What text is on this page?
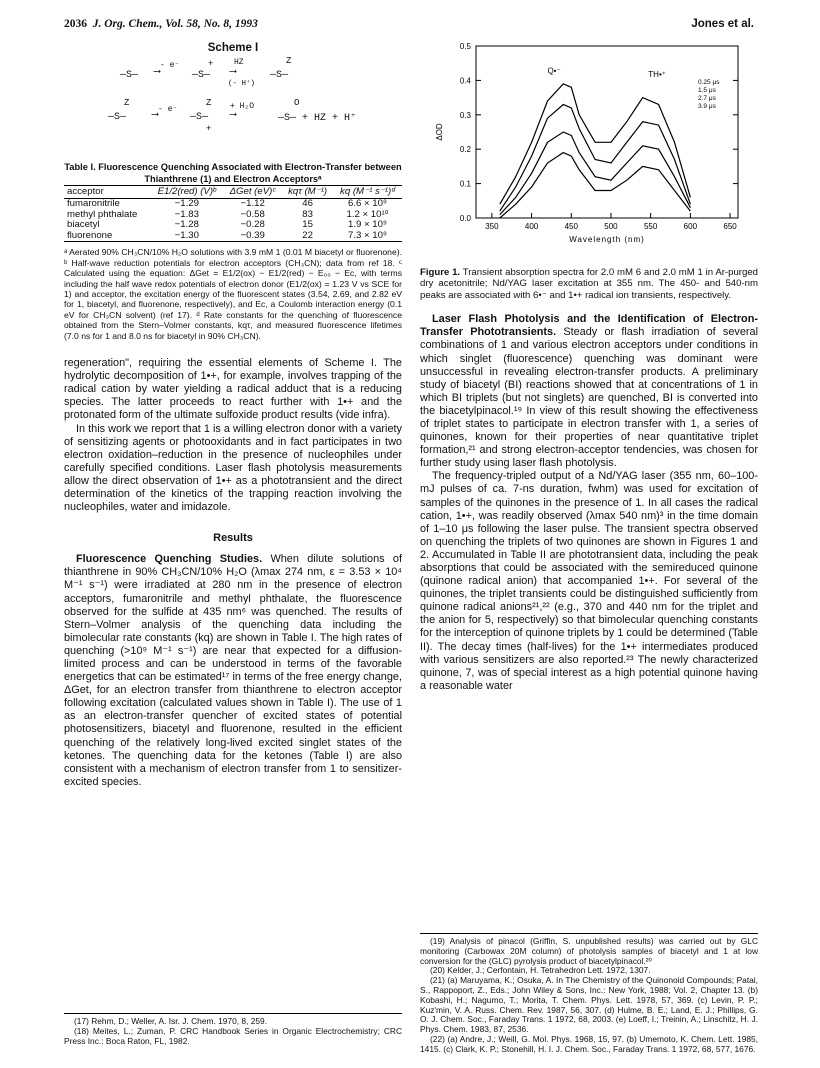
2036 J. Org. Chem., Vol. 58, No. 8, 1993	Jones et al.
Scheme I
—S—
- e⁻
⟶
+
—S—
HZ
⟶
(- H⁺)
Z
—S—
Z
—S—
- e⁻
⟶
Z
—S—
+
+ H₂O
⟶
O
—S— + HZ + H⁺
Table I. Fluorescence Quenching Associated with Electron-Transfer between Thianthrene (1) and Electron Acceptorsᵃ
acceptor	E1/2(red) (V)ᵇ	ΔGet (eV)ᶜ	kqτ (M⁻¹)	kq (M⁻¹ s⁻¹)ᵈ
fumaronitrile	−1.29	−1.12	46	6.6 × 10⁹
methyl phthalate	−1.83	−0.58	83	1.2 × 10¹⁰
biacetyl	−1.28	−0.28	15	1.9 × 10⁹
fluorenone	−1.30	−0.39	22	7.3 × 10⁹
ᵃ Aerated 90% CH₃CN/10% H₂O solutions with 3.9 mM 1 (0.01 M biacetyl or fluorenone). ᵇ Half-wave reduction potentials for electron acceptors (CH₃CN); data from ref 18. ᶜ Calculated using the equation: ΔGet = E1/2(ox) − E1/2(red) − E₀₀ − Ec, with terms including the half wave redox potentials of electron donor (E1/2(ox) = 1.23 V vs SCE for 1) and acceptor, the excitation energy of the fluorescent states (3.54, 2.69, and 2.82 eV for 1, biacetyl, and fluorenone, respectively), and Ec, a Coulomb interaction energy (0.1 eV for CH₃CN solvent) (ref 17). ᵈ Rate constants for the quenching of fluorescence obtained from the Stern–Volmer constants, kqτ, and measured fluorescence lifetimes (7.0 ns for 1 and 8.0 ns for biacetyl in 90% CH₃CN).

regeneration", requiring the essential elements of Scheme I. The hydrolytic decomposition of 1•+, for example, involves trapping of the radical cation by water yielding a radical adduct that is a reducing species. The latter proceeds to react further with 1•+ and the protonated form of the ultimate sulfoxide product results (vide infra).

In this work we report that 1 is a willing electron donor with a variety of sensitizing agents or photooxidants and in fact participates in two electron oxidation–reduction in the presence of nucleophiles under carefully specified conditions. Laser flash photolysis measurements allow the direct observation of 1•+ as a phototransient and the direct determination of the kinetics of the trapping reaction involving the nucleophiles, water and imidazole.

Results

Fluorescence Quenching Studies. When dilute solutions of thianthrene in 90% CH₃CN/10% H₂O (λmax 274 nm, ε = 3.53 × 10⁴ M⁻¹ s⁻¹) were irradiated at 280 nm in the presence of electron acceptors, fumaronitrile and methyl phthalate, the fluorescence observed for the sulfide at 435 nm⁶ was quenched. The results of Stern–Volmer analysis of the quenching data including the bimolecular rate constants (kq) are shown in Table I. The high rates of quenching (>10⁹ M⁻¹ s⁻¹) are near that expected for a diffusion-limited process and can be understood in terms of the favorable energetics that can be estimated¹⁷ in terms of the free energy change, ΔGet, for an electron transfer from thianthrene to electron acceptor following excitation (calculated values shown in Table I). The use of 1 as an electron-transfer quencher of excited states of potential photosensitizers, biacetyl and fluorenone, resulted in the efficient quenching of the relatively long-lived excited singlet states of the ketones. The quenching data for the ketones (Table I) are also consistent with a mechanism of electron transfer from 1 to sensitizer-excited species.

(17) Rehm, D.; Weller, A. Isr. J. Chem. 1970, 8, 259.
(18) Meites, L.; Zuman, P. CRC Handbook Series in Organic Electrochemistry; CRC Press Inc.: Boca Raton, FL, 1982.
0.0
0.1
0.2
0.3
0.4
0.5
350	400	450	500	550	600	650
Wavelength (nm)
ΔOD
Q•⁻	TH•⁺
0.25 μs
1.5 μs
2.7 μs
3.9 μs
Figure 1. Transient absorption spectra for 2.0 mM 6 and 2.0 mM 1 in Ar-purged dry acetonitrile; Nd/YAG laser excitation at 355 nm. The 450- and 540-nm peaks are associated with 6•⁻ and 1•+ radical ion transients, respectively.

Laser Flash Photolysis and the Identification of Electron-Transfer Phototransients. Steady or flash irradiation of several combinations of 1 and various electron acceptors under conditions in which singlet (fluorescence) quenching was dominant were unsuccessful in revealing electron-transfer products. A preliminary study of biacetyl (BI) reactions showed that at concentrations of 1 in which BI triplets (but not singlets) are quenched, BI is converted into the biacetylpinacol.¹⁹ In view of this result showing the effectiveness of triplet states to participate in electron transfer with 1, a series of quinones, known for their properties of near quantitative triplet formation,²¹ and strong electron-acceptor tendencies, was chosen for further study using laser flash photolysis.

The frequency-tripled output of a Nd/YAG laser (355 nm, 60–100-mJ pulses of ca. 7-ns duration, fwhm) was used for excitation of samples of the quinones in the presence of 1. In all cases the radical cation, 1•+, was readily observed (λmax 540 nm)³ in the time domain of 1–10 μs following the laser pulse. The transient spectra observed on quenching the triplets of two quinones are shown in Figures 1 and 2. Accumulated in Table II are phototransient data, including the peak absorptions that could be associated with the semireduced quinone (quinone radical anion) that accompanied 1•+. For several of the quinones, the triplet transients could be distinguished sufficiently from quinone radical anions²¹,²² (e.g., 370 and 440 nm for the triplet and the anion for 5, respectively) so that bimolecular quenching constants for the interception of quinone triplets by 1 could be determined (Table II). The decay times (half-lives) for the 1•+ intermediates produced with various sensitizers are also reported.²³ The newly characterized quinone, 7, was of special interest as a high potential quinone having a reasonable water

(19) Analysis of pinacol (Griffin, S. unpublished results) was carried out by GLC monitoring (Carbowax 20M column) of photolysis samples of biacetyl and 1 at low conversion for the (GLC) pyrolysis product of biacetylpinacol.²⁰
(20) Kelder, J.; Cerfontain, H. Tetrahedron Lett. 1972, 1307.
(21) (a) Maruyama, K.; Osuka, A. In The Chemistry of the Quinonoid Compounds; Patai, S., Rappoport, Z., Eds.; John Wiley & Sons, Inc.: New York, 1988; Vol. 2, Chapter 13. (b) Kobashi, H.; Nagumo, T.; Morita, T. Chem. Phys. Lett. 1978, 57, 369. (c) Levin, P. P.; Kuz'min, V. A. Russ. Chem. Rev. 1987, 56, 307. (d) Hulme, B. E.; Land, E. J.; Phillips, G. O. J. Chem. Soc., Faraday Trans. 1 1972, 68, 2003. (e) Loeff, I.; Treinin, A.; Linschitz, H. J. Phys. Chem. 1983, 87, 2536.
(22) (a) Andre, J.; Weill, G. Mol. Phys. 1968, 15, 97. (b) Umemoto, K. Chem. Lett. 1985, 1415. (c) Clark, K. P.; Stonehill, H. I. J. Chem. Soc., Faraday Trans. 1 1972, 68, 577, 1676.
